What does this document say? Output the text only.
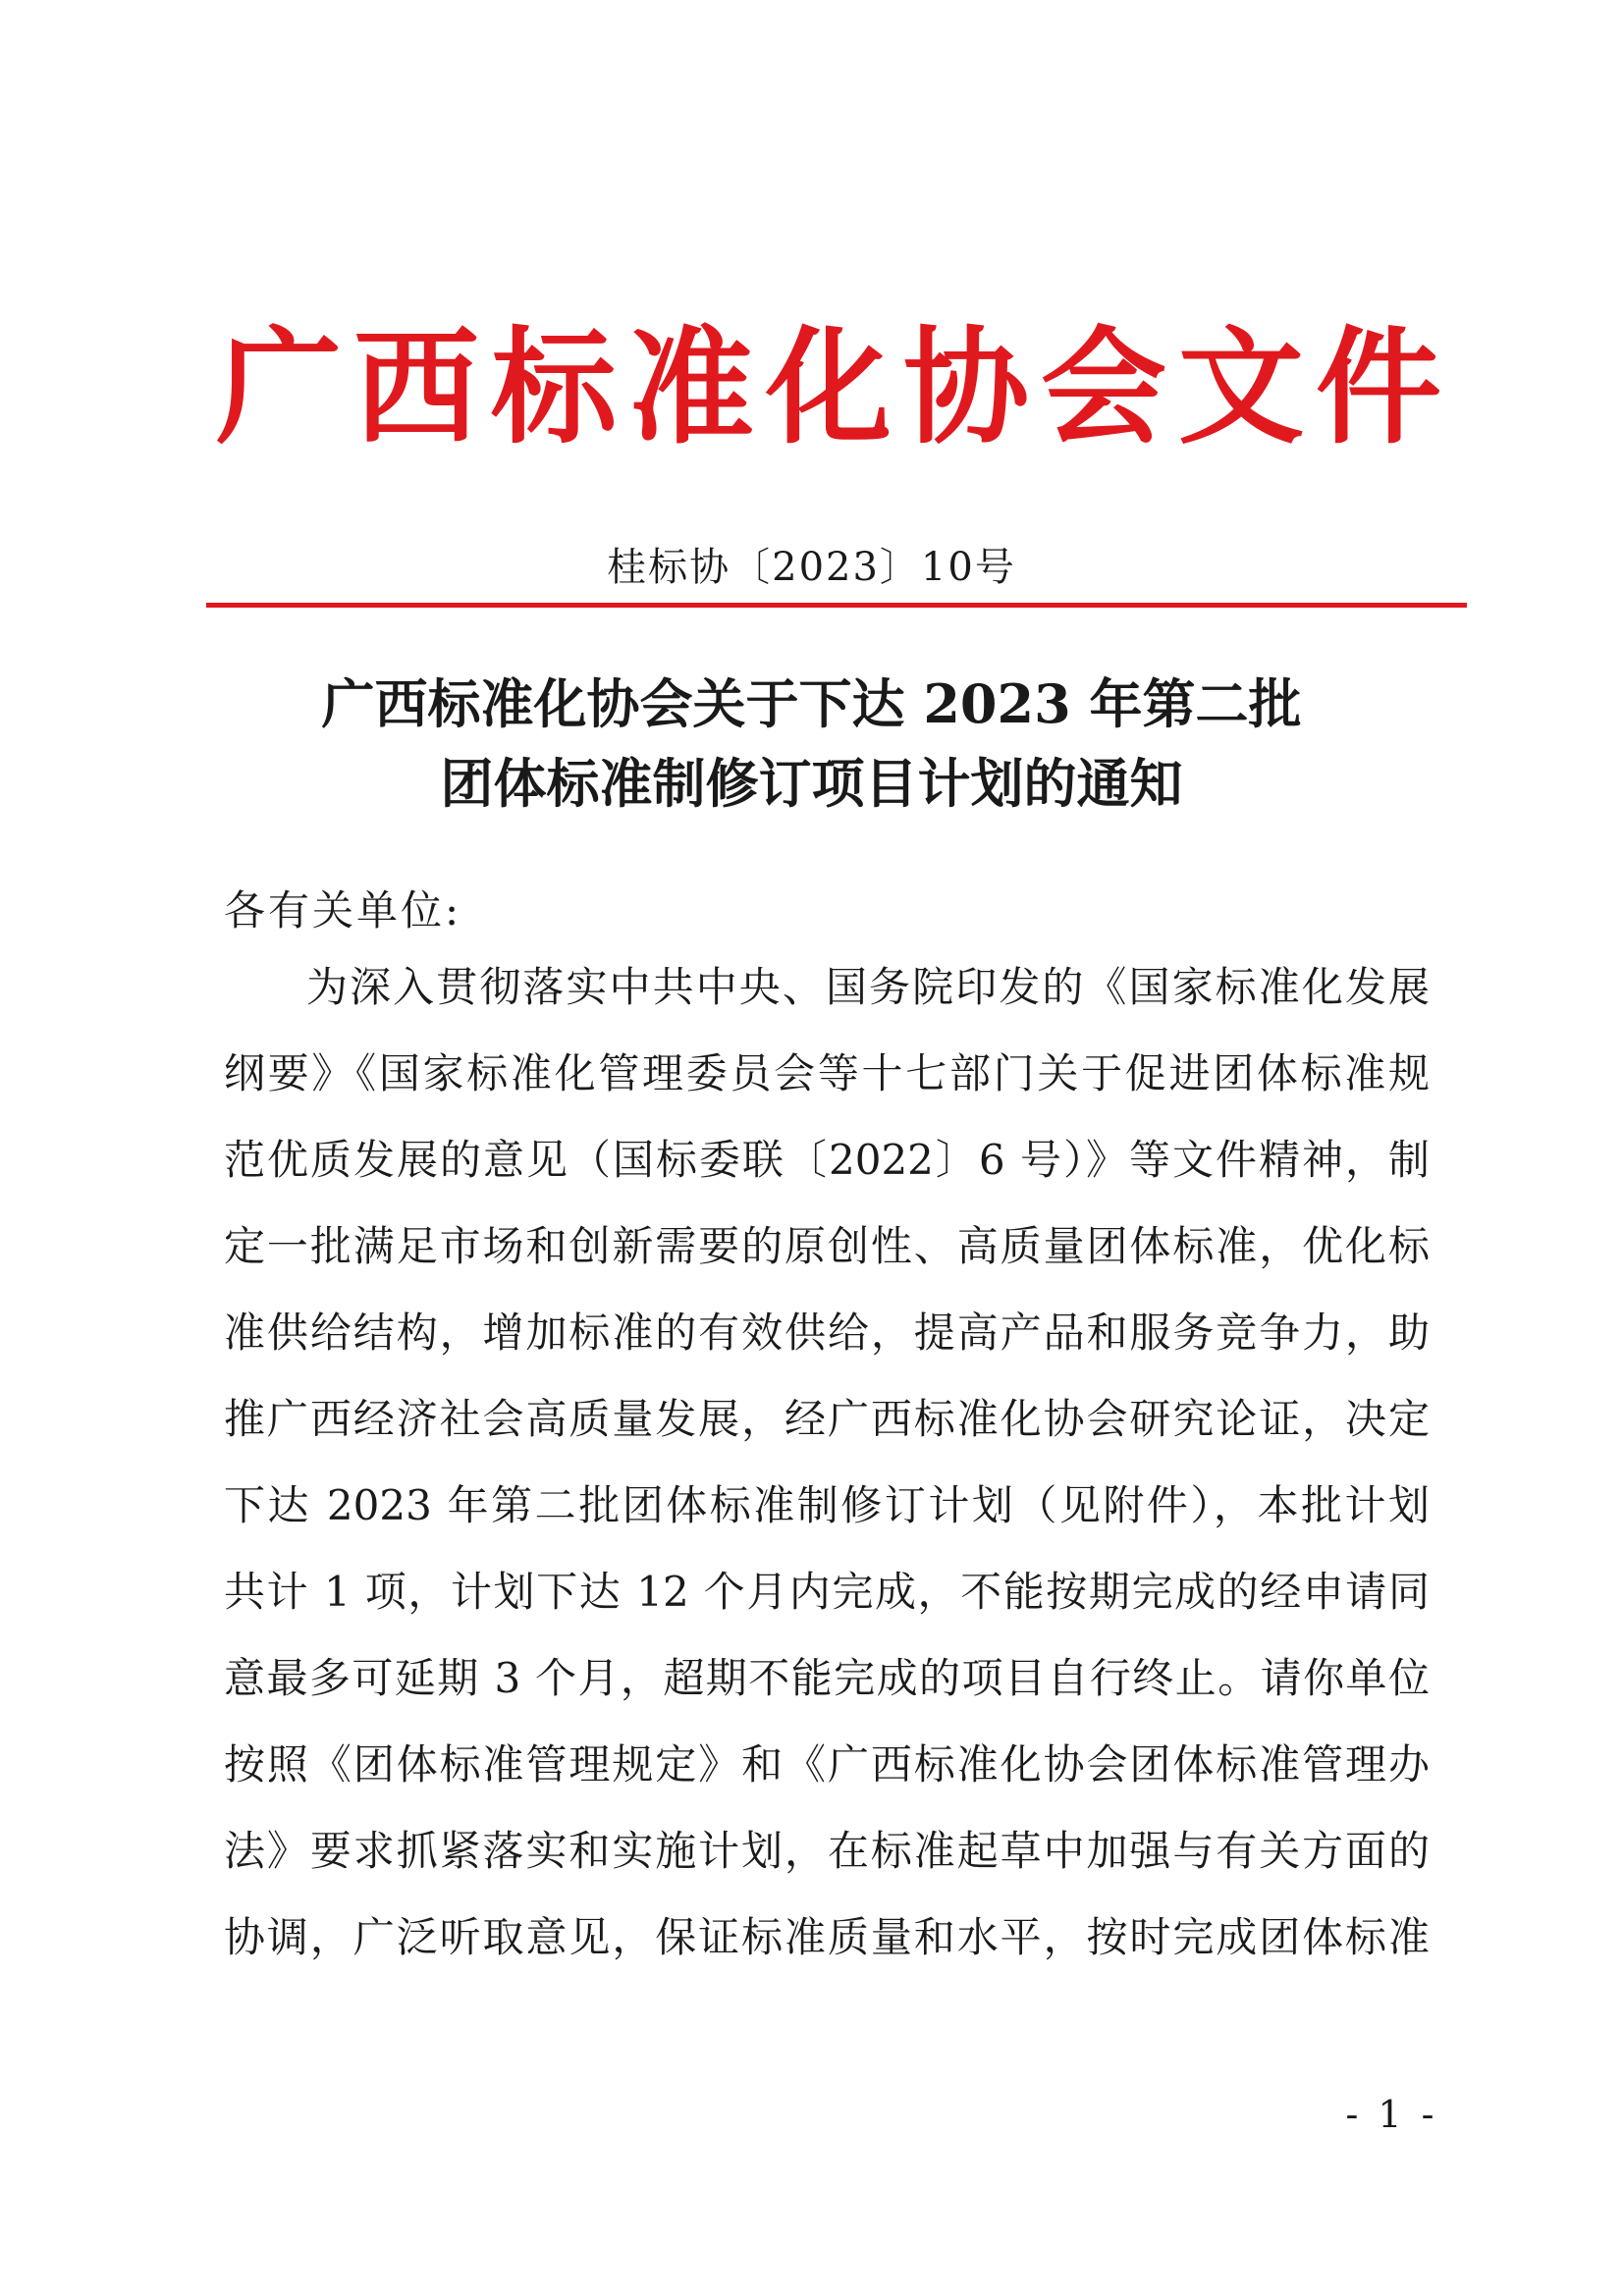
广西标准化协会文件
桂标协〔2023〕10号
广西标准化协会关于下达 2023 年第二批
团体标准制修订项目计划的通知
各有关单位:
为深入贯彻落实中共中央、国务院印发的《国家标准化发展
纲要》《国家标准化管理委员会等十七部门关于促进团体标准规
范优质发展的意见（国标委联〔2022〕6 号）》等文件精神，制
定一批满足市场和创新需要的原创性、高质量团体标准，优化标
准供给结构，增加标准的有效供给，提高产品和服务竞争力，助
推广西经济社会高质量发展，经广西标准化协会研究论证，决定
下达 2023 年第二批团体标准制修订计划（见附件），本批计划
共计 1 项，计划下达 12 个月内完成，不能按期完成的经申请同
意最多可延期 3 个月，超期不能完成的项目自行终止。请你单位
按照《团体标准管理规定》和《广西标准化协会团体标准管理办
法》要求抓紧落实和实施计划，在标准起草中加强与有关方面的
协调，广泛听取意见，保证标准质量和水平，按时完成团体标准
- 1 -
